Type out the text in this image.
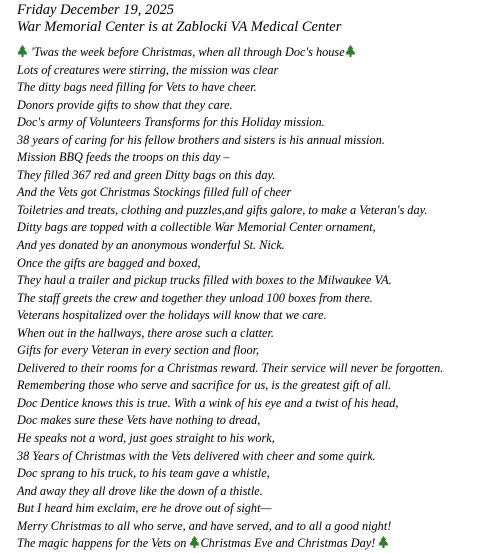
Friday December 19, 2025
War Memorial Center is at Zablocki VA Medical Center
'Twas the week before Christmas, when all through Doc's house
Lots of creatures were stirring, the mission was clear
The ditty bags need filling for Vets to have cheer.
Donors provide gifts to show that they care.
Doc's army of Volunteers Transforms for this Holiday mission.
38 years of caring for his fellow brothers and sisters is his annual mission.
Mission BBQ feeds the troops on this day –
They filled 367 red and green Ditty bags on this day.
And the Vets got Christmas Stockings filled full of cheer
Toiletries and treats, clothing and puzzles,and gifts galore, to make a Veteran's day.
Ditty bags are topped with a collectible War Memorial Center ornament,
And yes donated by an anonymous wonderful St. Nick.
Once the gifts are bagged and boxed,
They haul a trailer and pickup trucks filled with boxes to the Milwaukee VA.
The staff greets the crew and together they unload 100 boxes from there.
Veterans hospitalized over the holidays will know that we care.
When out in the hallways, there arose such a clatter.
Gifts for every Veteran in every section and floor,
Delivered to their rooms for a Christmas reward. Their service will never be forgotten.
Remembering those who serve and sacrifice for us, is the greatest gift of all.
Doc Dentice knows this is true. With a wink of his eye and a twist of his head,
Doc makes sure these Vets have nothing to dread,
He speaks not a word, just goes straight to his work,
38 Years of Christmas with the Vets delivered with cheer and some quirk.
Doc sprang to his truck, to his team gave a whistle,
And away they all drove like the down of a thistle.
But I heard him exclaim, ere he drove out of sight—
Merry Christmas to all who serve, and have served, and to all a good night!
The magic happens for the Vets on Christmas Eve and Christmas Day!
